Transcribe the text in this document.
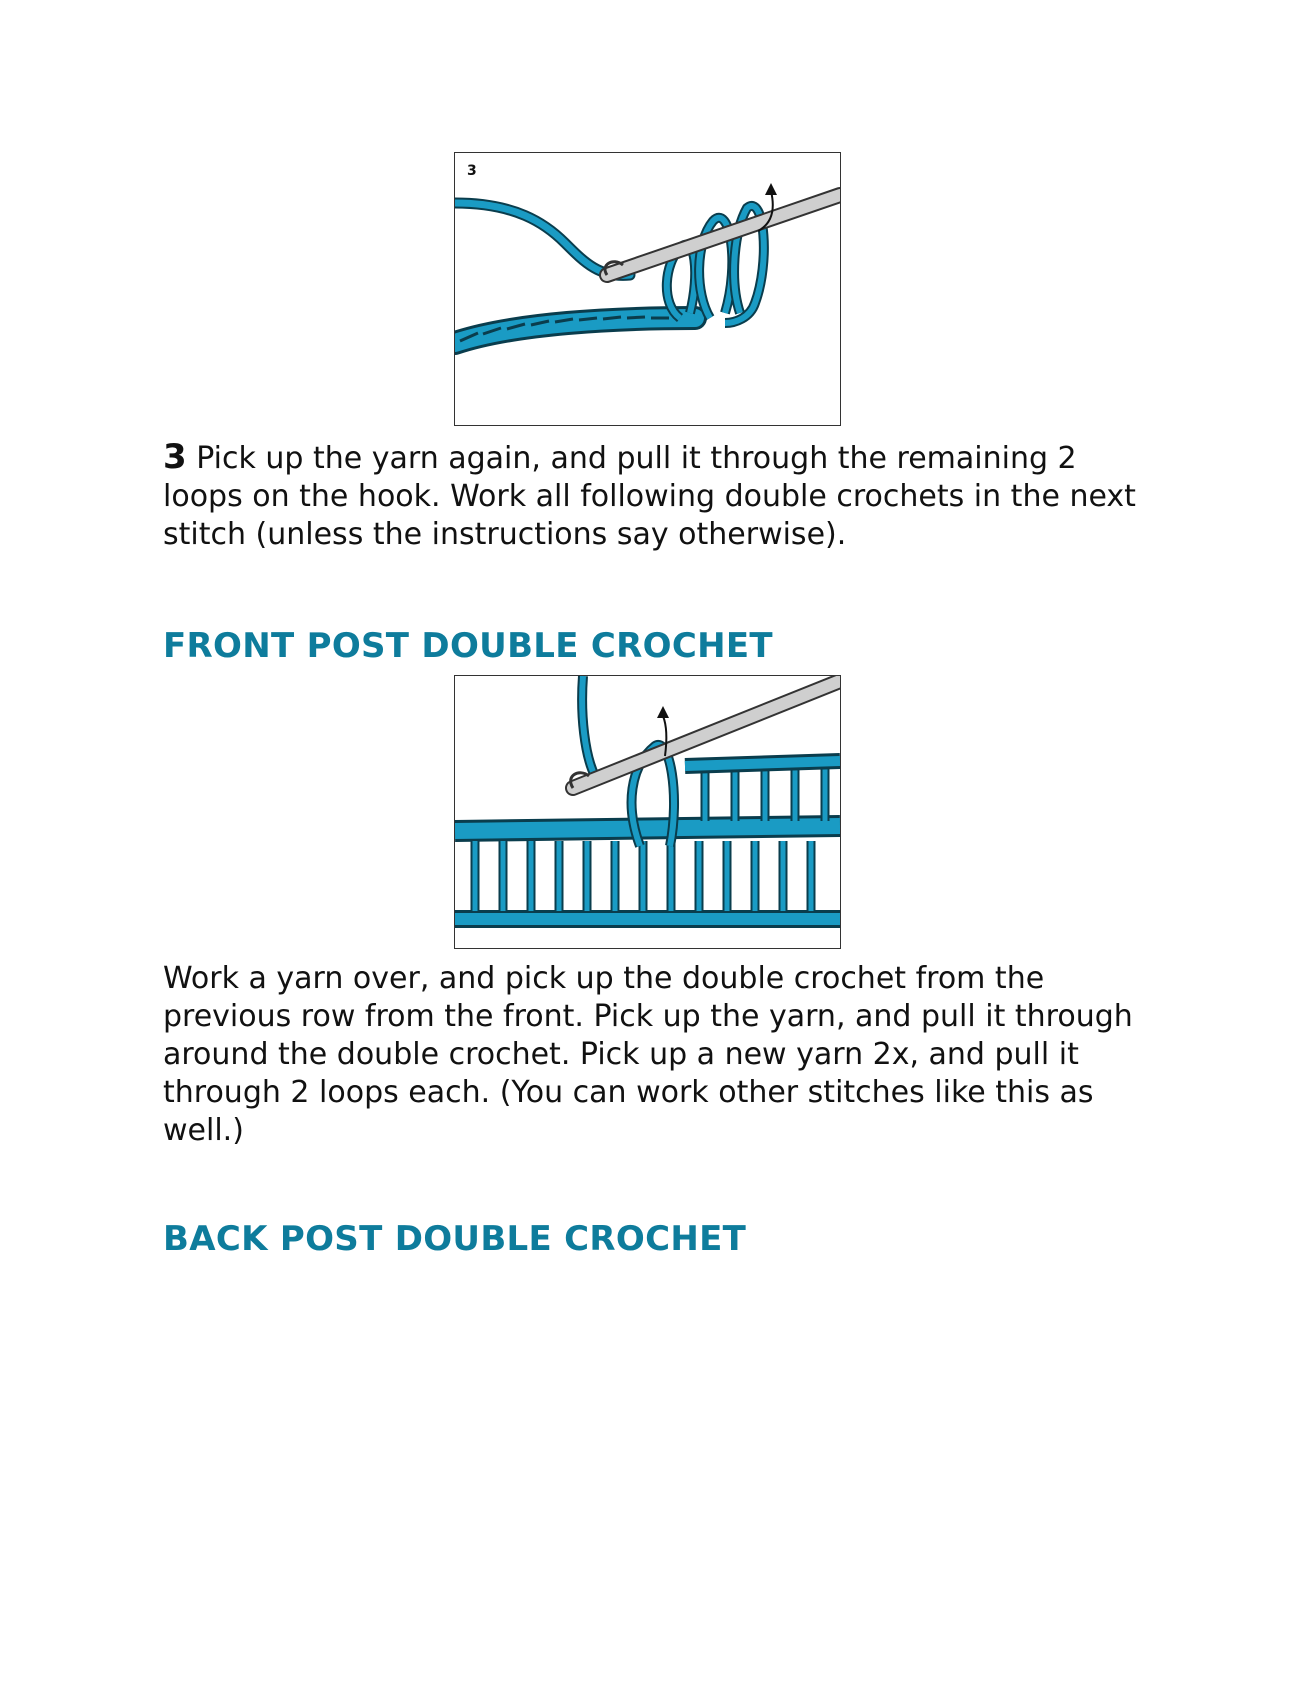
3

3 Pick up the yarn again, and pull it through the remaining 2 loops on the hook. Work all following double crochets in the next stitch (unless the instructions say otherwise).

FRONT POST DOUBLE CROCHET

Work a yarn over, and pick up the double crochet from the previous row from the front. Pick up the yarn, and pull it through around the double crochet. Pick up a new yarn 2x, and pull it through 2 loops each. (You can work other stitches like this as well.)

BACK POST DOUBLE CROCHET
